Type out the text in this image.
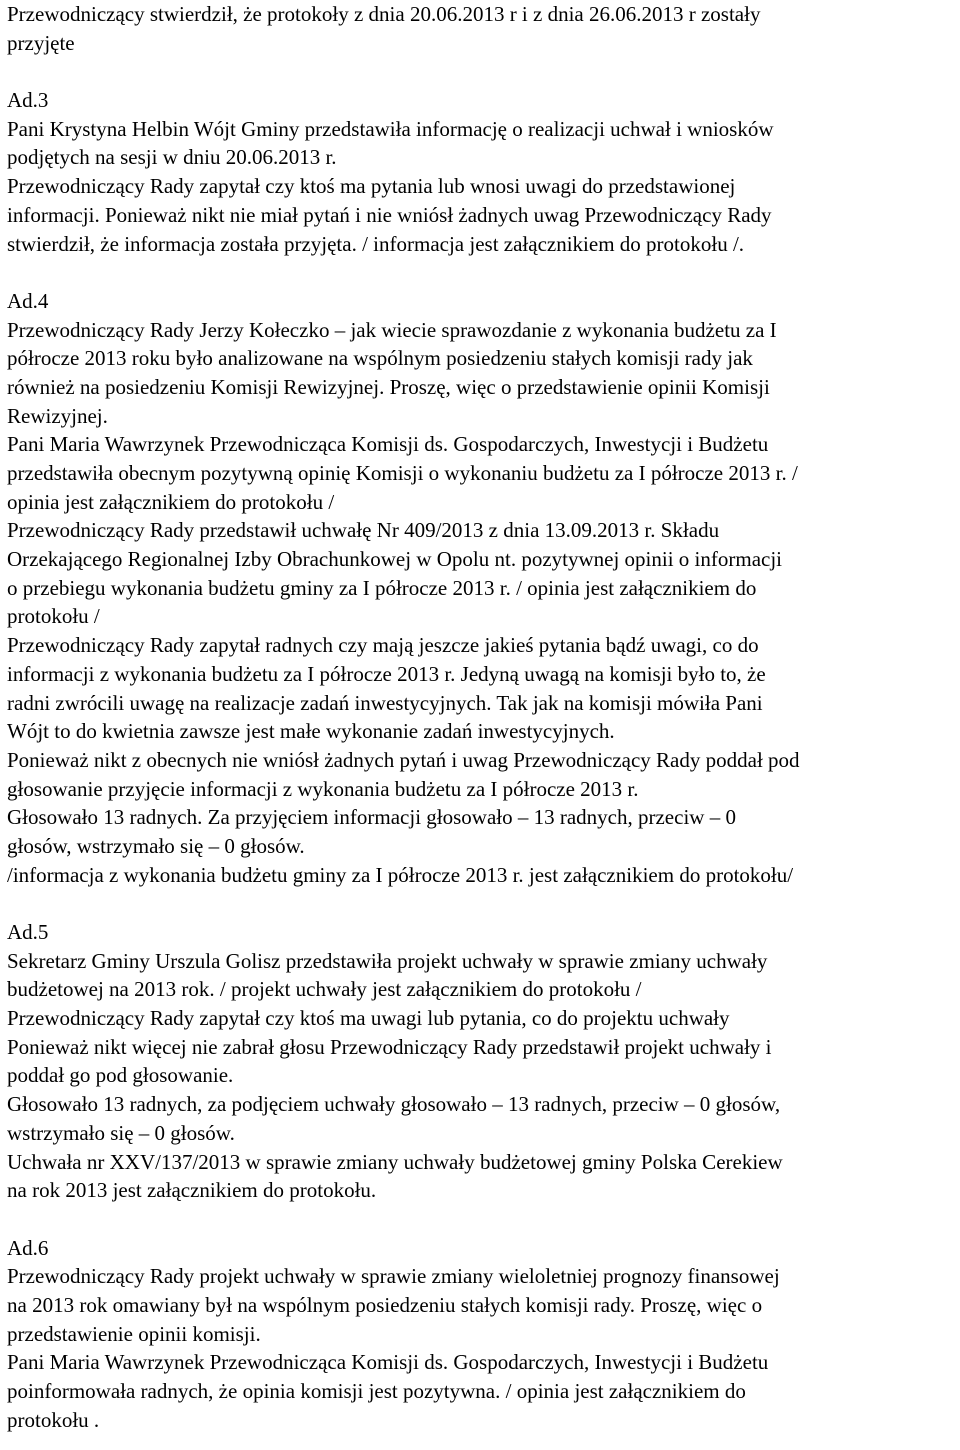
Przewodniczący stwierdził, że protokoły z dnia 20.06.2013 r i z dnia 26.06.2013 r zostały
przyjęte
Ad.3
Pani Krystyna Helbin Wójt Gminy przedstawiła informację o realizacji uchwał i wniosków
podjętych na sesji w dniu 20.06.2013 r.
Przewodniczący Rady zapytał czy ktoś ma pytania lub wnosi uwagi do przedstawionej
informacji. Ponieważ nikt nie miał pytań i nie wniósł żadnych uwag Przewodniczący Rady
stwierdził, że informacja została przyjęta. / informacja jest załącznikiem do protokołu /.
Ad.4
Przewodniczący Rady Jerzy Kołeczko – jak wiecie sprawozdanie z wykonania budżetu za I
półrocze 2013 roku było analizowane na wspólnym posiedzeniu stałych komisji rady jak
również na posiedzeniu Komisji Rewizyjnej. Proszę, więc o przedstawienie opinii Komisji
Rewizyjnej.
Pani Maria Wawrzynek Przewodnicząca Komisji ds. Gospodarczych, Inwestycji i Budżetu
przedstawiła obecnym pozytywną opinię Komisji o wykonaniu budżetu za I półrocze 2013 r. /
opinia jest załącznikiem do protokołu /
Przewodniczący Rady przedstawił uchwałę Nr 409/2013 z dnia 13.09.2013 r. Składu
Orzekającego Regionalnej Izby Obrachunkowej w Opolu nt. pozytywnej opinii o informacji
o przebiegu wykonania budżetu gminy za I półrocze 2013 r. / opinia jest załącznikiem do
protokołu /
Przewodniczący Rady zapytał radnych czy mają jeszcze jakieś pytania bądź uwagi, co do
informacji z wykonania budżetu za I półrocze 2013 r. Jedyną uwagą na komisji było to, że
radni zwrócili uwagę na realizacje zadań inwestycyjnych. Tak jak na komisji mówiła Pani
Wójt to do kwietnia zawsze jest małe wykonanie zadań inwestycyjnych.
Ponieważ nikt z obecnych nie wniósł żadnych pytań i uwag Przewodniczący Rady poddał pod
głosowanie przyjęcie informacji z wykonania budżetu za I półrocze 2013 r.
Głosowało 13 radnych. Za przyjęciem informacji głosowało – 13 radnych, przeciw – 0
głosów, wstrzymało się – 0 głosów.
/informacja z wykonania budżetu gminy za I półrocze 2013 r. jest załącznikiem do protokołu/
Ad.5
Sekretarz Gminy Urszula Golisz przedstawiła projekt uchwały w sprawie zmiany uchwały
budżetowej na 2013 rok. / projekt uchwały jest załącznikiem do protokołu /
Przewodniczący Rady zapytał czy ktoś ma uwagi lub pytania, co do projektu uchwały
Ponieważ nikt więcej nie zabrał głosu Przewodniczący Rady przedstawił projekt uchwały i
poddał go pod głosowanie.
Głosowało 13 radnych, za podjęciem uchwały głosowało – 13 radnych, przeciw – 0 głosów,
wstrzymało się – 0 głosów.
Uchwała nr XXV/137/2013 w sprawie zmiany uchwały budżetowej gminy Polska Cerekiew
na rok 2013 jest załącznikiem do protokołu.
Ad.6
Przewodniczący Rady projekt uchwały w sprawie zmiany wieloletniej prognozy finansowej
na 2013 rok omawiany był na wspólnym posiedzeniu stałych komisji rady. Proszę, więc o
przedstawienie opinii komisji.
Pani Maria Wawrzynek Przewodnicząca Komisji ds. Gospodarczych, Inwestycji i Budżetu
poinformowała radnych, że opinia komisji jest pozytywna. / opinia jest załącznikiem do
protokołu .
